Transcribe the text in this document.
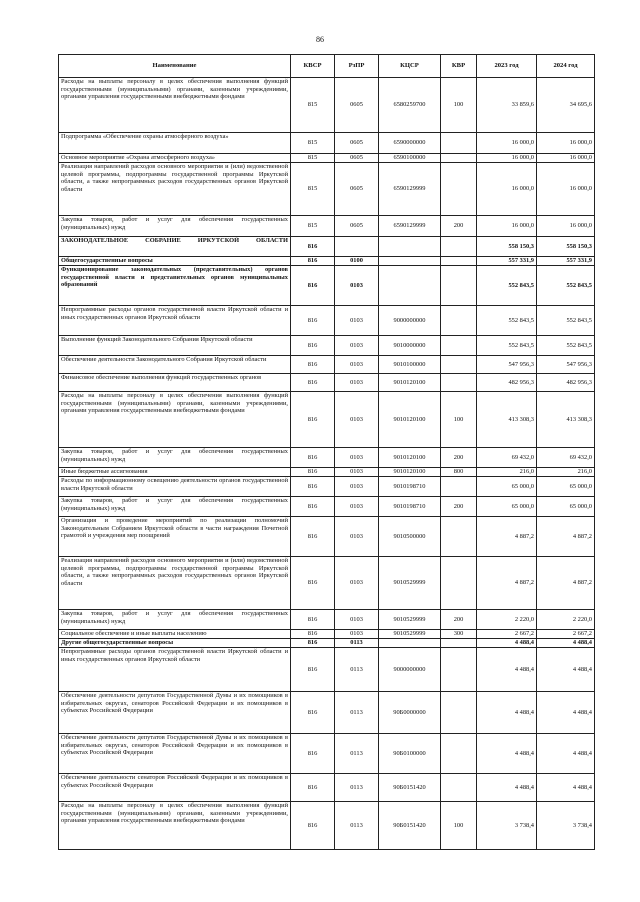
86
Наименование	КВСР	РзПР	КЦСР	КВР	2023 год	2024 год
Расходы на выплаты персоналу в целях обеспечения выполнения функций государственными (муниципальными) органами, казенными учреждениями, органами управления государственными внебюджетными фондами	815	0605	6580259700	100	33 859,6	34 695,6
Подпрограмма «Обеспечение охраны атмосферного воздуха»	815	0605	6590000000		16 000,0	16 000,0
Основное мероприятие «Охрана атмосферного воздуха»	815	0605	6590100000		16 000,0	16 000,0
Реализация направлений расходов основного мероприятия и (или) ведомственной целевой программы, подпрограммы государственной программы Иркутской области, а также непрограммных расходов государственных органов Иркутской области	815	0605	6590129999		16 000,0	16 000,0
Закупка товаров, работ и услуг для обеспечения государственных (муниципальных) нужд	815	0605	6590129999	200	16 000,0	16 000,0
ЗАКОНОДАТЕЛЬНОЕ СОБРАНИЕ ИРКУТСКОЙ ОБЛАСТИ	816				558 150,3	558 150,3
Общегосударственные вопросы	816	0100			557 331,9	557 331,9
Функционирование законодательных (представительных) органов государственной власти и представительных органов муниципальных образований	816	0103			552 843,5	552 843,5
Непрограммные расходы органов государственной власти Иркутской области и иных государственных органов Иркутской области	816	0103	9000000000		552 843,5	552 843,5
Выполнение функций Законодательного Собрания Иркутской области	816	0103	9010000000		552 843,5	552 843,5
Обеспечение деятельности Законодательного Собрания Иркутской области	816	0103	9010100000		547 956,3	547 956,3
Финансовое обеспечение выполнения функций государственных органов	816	0103	9010120100		482 956,3	482 956,3
Расходы на выплаты персоналу в целях обеспечения выполнения функций государственными (муниципальными) органами, казенными учреждениями, органами управления государственными внебюджетными фондами	816	0103	9010120100	100	413 308,3	413 308,3
Закупка товаров, работ и услуг для обеспечения государственных (муниципальных) нужд	816	0103	9010120100	200	69 432,0	69 432,0
Иные бюджетные ассигнования	816	0103	9010120100	800	216,0	216,0
Расходы по информационному освещению деятельности органов государственной власти Иркутской области	816	0103	9010198710		65 000,0	65 000,0
Закупка товаров, работ и услуг для обеспечения государственных (муниципальных) нужд	816	0103	9010198710	200	65 000,0	65 000,0
Организация и проведение мероприятий по реализации полномочий Законодательным Собранием Иркутской области в части награждения Почетной грамотой и учреждения мер поощрений	816	0103	9010500000		4 887,2	4 887,2
Реализация направлений расходов основного мероприятия и (или) ведомственной целевой программы, подпрограммы государственной программы Иркутской области, а также непрограммных расходов государственных органов Иркутской области	816	0103	9010529999		4 887,2	4 887,2
Закупка товаров, работ и услуг для обеспечения государственных (муниципальных) нужд	816	0103	9010529999	200	2 220,0	2 220,0
Социальное обеспечение и иные выплаты населению	816	0103	9010529999	300	2 667,2	2 667,2
Другие общегосударственные вопросы	816	0113			4 488,4	4 488,4
Непрограммные расходы органов государственной власти Иркутской области и иных государственных органов Иркутской области	816	0113	9000000000		4 488,4	4 488,4
Обеспечение деятельности депутатов Государственной Думы и их помощников в избирательных округах, сенаторов Российской Федерации и их помощников в субъектах Российской Федерации	816	0113	90Б0000000		4 488,4	4 488,4
Обеспечение деятельности депутатов Государственной Думы и их помощников в избирательных округах, сенаторов Российской Федерации и их помощников в субъектах Российской Федерации	816	0113	90Б0100000		4 488,4	4 488,4
Обеспечение деятельности сенаторов Российской Федерации и их помощников в субъектах Российской Федерации	816	0113	90Б0151420		4 488,4	4 488,4
Расходы на выплаты персоналу в целях обеспечения выполнения функций государственными (муниципальными) органами, казенными учреждениями, органами управления государственными внебюджетными фондами	816	0113	90Б0151420	100	3 738,4	3 738,4
